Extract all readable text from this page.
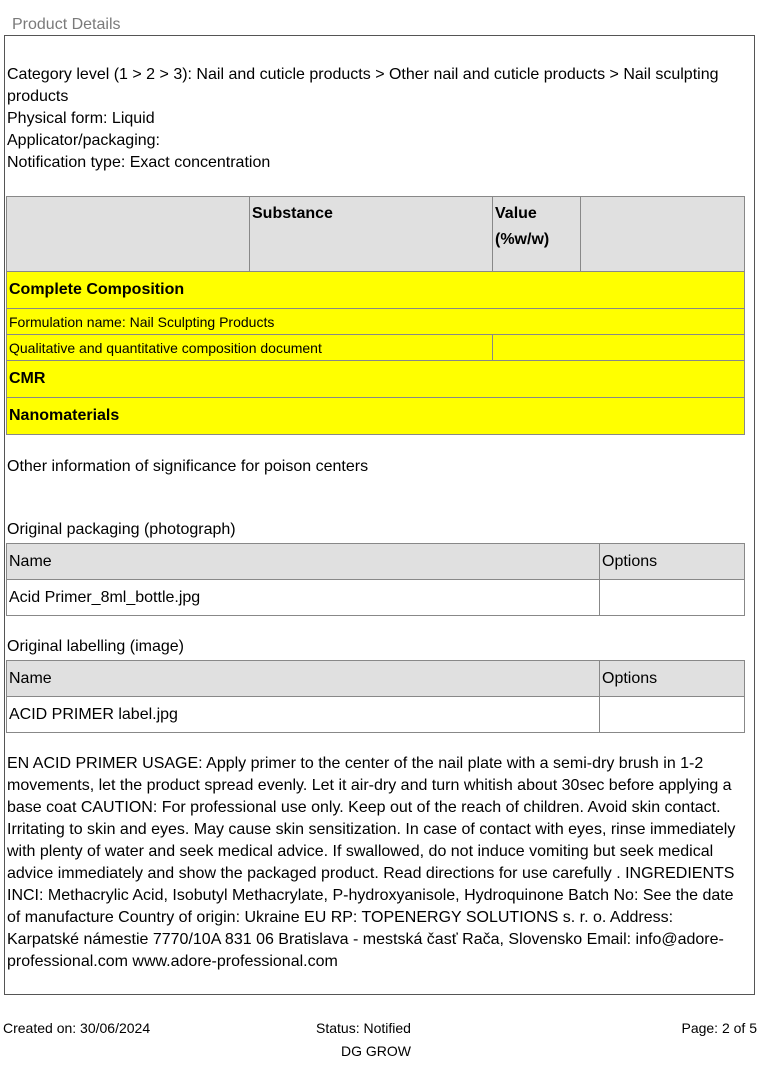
Product Details
Category level (1 > 2 > 3): Nail and cuticle products > Other nail and cuticle products > Nail sculpting products
Physical form: Liquid
Applicator/packaging:
Notification type: Exact concentration
	Substance	Value
(%w/w)	
Complete Composition			
Formulation name: Nail Sculpting Products			
Qualitative and quantitative composition document			
CMR			
Nanomaterials			
Other information of significance for poison centers
Original packaging (photograph)
Name	Options
Acid Primer_8ml_bottle.jpg	
Original labelling (image)
Name	Options
ACID PRIMER label.jpg	
EN ACID PRIMER USAGE: Apply primer to the center of the nail plate with a semi-dry brush in 1-2 movements, let the product spread evenly. Let it air-dry and turn whitish about 30sec before applying a base coat CAUTION: For professional use only. Keep out of the reach of children. Avoid skin contact. Irritating to skin and eyes. May cause skin sensitization. In case of contact with eyes, rinse immediately with plenty of water and seek medical advice. If swallowed, do not induce vomiting but seek medical advice immediately and show the packaged product. Read directions for use carefully . INGREDIENTS INCI: Methacrylic Acid, Isobutyl Methacrylate, P-hydroxyanisole, Hydroquinone Batch No: See the date of manufacture Country of origin: Ukraine EU RP: TOPENERGY SOLUTIONS s. r. o. Address: Karpatské námestie 7770/10A 831 06 Bratislava - mestská časť Rača, Slovensko Email: info@adore-professional.com www.adore-professional.com
Created on: 30/06/2024	Status: Notified	Page: 2 of 5
DG GROW
